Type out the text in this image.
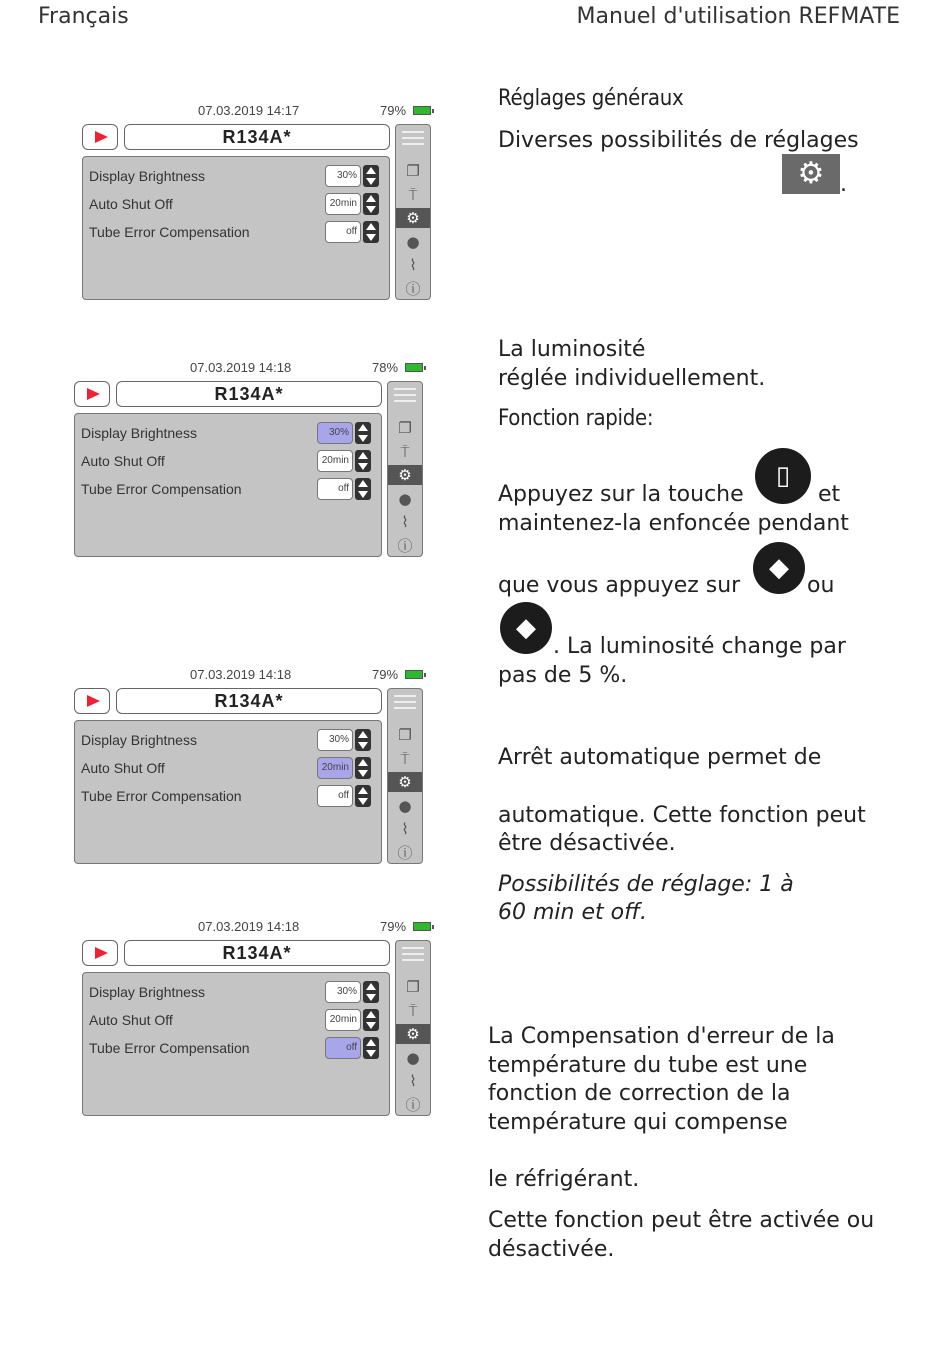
Français	Manuel d'utilisation REFMATE
07.03.2019 14:17	79%
R134A*
Display Brightness	30%
Auto Shut Off	20min
Tube Error Compensation	off
❐
⍑
⚙
●
⌇
ⓘ
07.03.2019 14:18	78%
R134A*
Display Brightness	30%
Auto Shut Off	20min
Tube Error Compensation	off
❐
⍑
⚙
●
⌇
ⓘ
07.03.2019 14:18	79%
R134A*
Display Brightness	30%
Auto Shut Off	20min
Tube Error Compensation	off
❐
⍑
⚙
●
⌇
ⓘ
07.03.2019 14:18	79%
R134A*
Display Brightness	30%
Auto Shut Off	20min
Tube Error Compensation	off
❐
⍑
⚙
●
⌇
ⓘ
Réglages généraux
Diverses possibilités de réglages
⚙ .
La luminosité
réglée individuellement.
Fonction rapide:
Appuyez sur la touche
▯
et
maintenez-la enfoncée pendant
que vous appuyez sur
◆
ou
◆
. La luminosité change par
pas de 5 %.
Arrêt automatique permet de
automatique. Cette fonction peut
être désactivée.
Possibilités de réglage: 1 à
60 min et off.
La Compensation d'erreur de la
température du tube est une
fonction de correction de la
température qui compense
le réfrigérant.
Cette fonction peut être activée ou
désactivée.
